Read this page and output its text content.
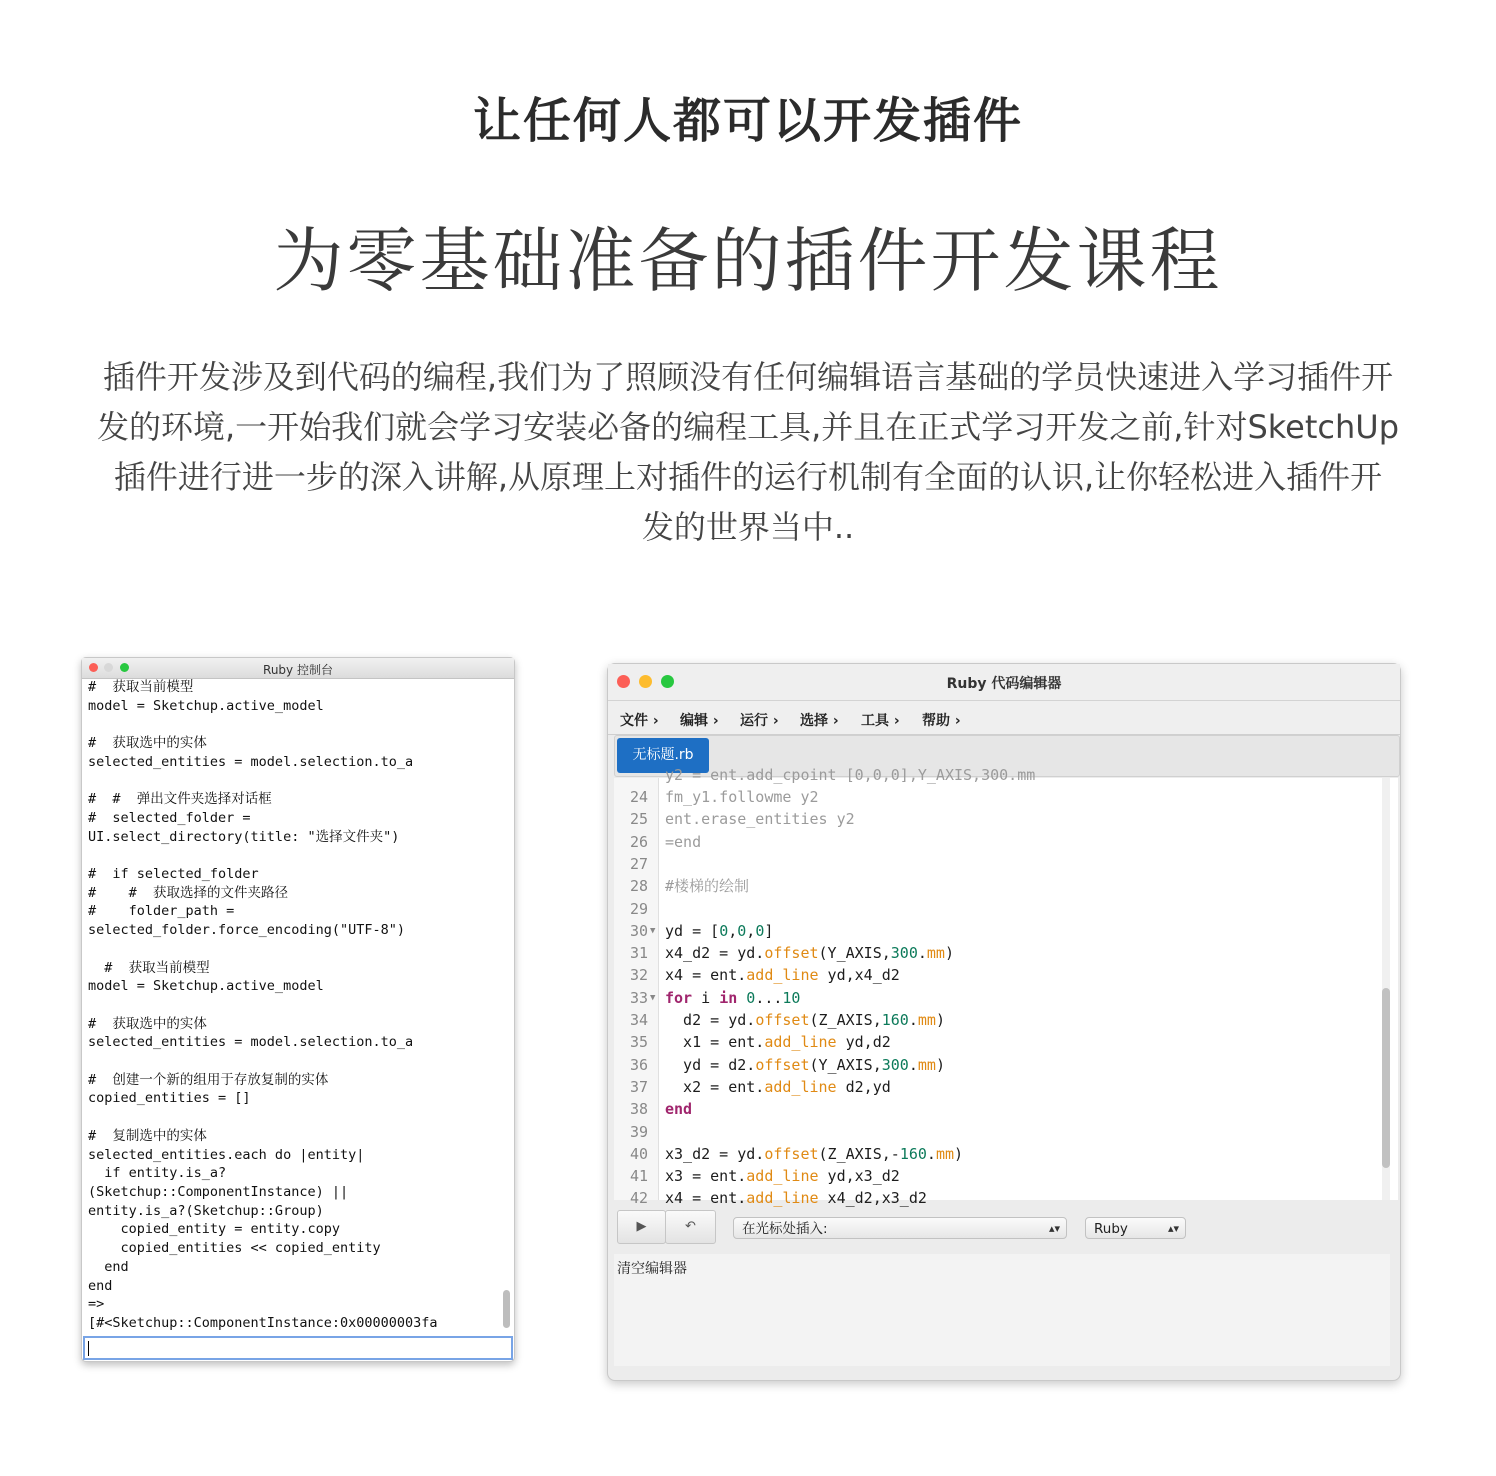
让任何人都可以开发插件
为零基础准备的插件开发课程
插件开发涉及到代码的编程,我们为了照顾没有任何编辑语言基础的学员快速进入学习插件开
发的环境,一开始我们就会学习安装必备的编程工具,并且在正式学习开发之前,针对SketchUp
插件进行进一步的深入讲解,从原理上对插件的运行机制有全面的认识,让你轻松进入插件开
发的世界当中..
Ruby 控制台
#  获取当前模型
model = Sketchup.active_model

#  获取选中的实体
selected_entities = model.selection.to_a

#  #  弹出文件夹选择对话框
#  selected_folder =
UI.select_directory(title: "选择文件夹")

#  if selected_folder
#    #  获取选择的文件夹路径
#    folder_path =
selected_folder.force_encoding("UTF-8")

#  获取当前模型
model = Sketchup.active_model

#  获取选中的实体
selected_entities = model.selection.to_a

#  创建一个新的组用于存放复制的实体
copied_entities = []

#  复制选中的实体
selected_entities.each do |entity|
if entity.is_a?
(Sketchup::ComponentInstance) ||
entity.is_a?(Sketchup::Group)
copied_entity = entity.copy
copied_entities << copied_entity
end
end
=>
[#<Sketchup::ComponentInstance:0x00000003fa
Ruby 代码编辑器
文件 › 编辑 › 运行 › 选择 › 工具 › 帮助 ›
无标题.rb
y2 = ent.add_cpoint [0,0,0],Y_AXIS,300.mm
24 fm_y1.followme y2
25 ent.erase_entities y2
26 =end
27
28 #楼梯的绘制
29
30 ▼ yd = [0,0,0]
31 x4_d2 = yd.offset(Y_AXIS,300.mm)
32 x4 = ent.add_line yd,x4_d2
33 ▼ for i in 0...10
34 d2 = yd.offset(Z_AXIS,160.mm)
35 x1 = ent.add_line yd,d2
36 yd = d2.offset(Y_AXIS,300.mm)
37 x2 = ent.add_line d2,yd
38 end
39
40 x3_d2 = yd.offset(Z_AXIS,-160.mm)
41 x3 = ent.add_line yd,x3_d2
42 x4 = ent.add_line x4_d2,x3_d2
▶	↶	在光标处插入:	▴▾	Ruby	▴▾
清空编辑器
